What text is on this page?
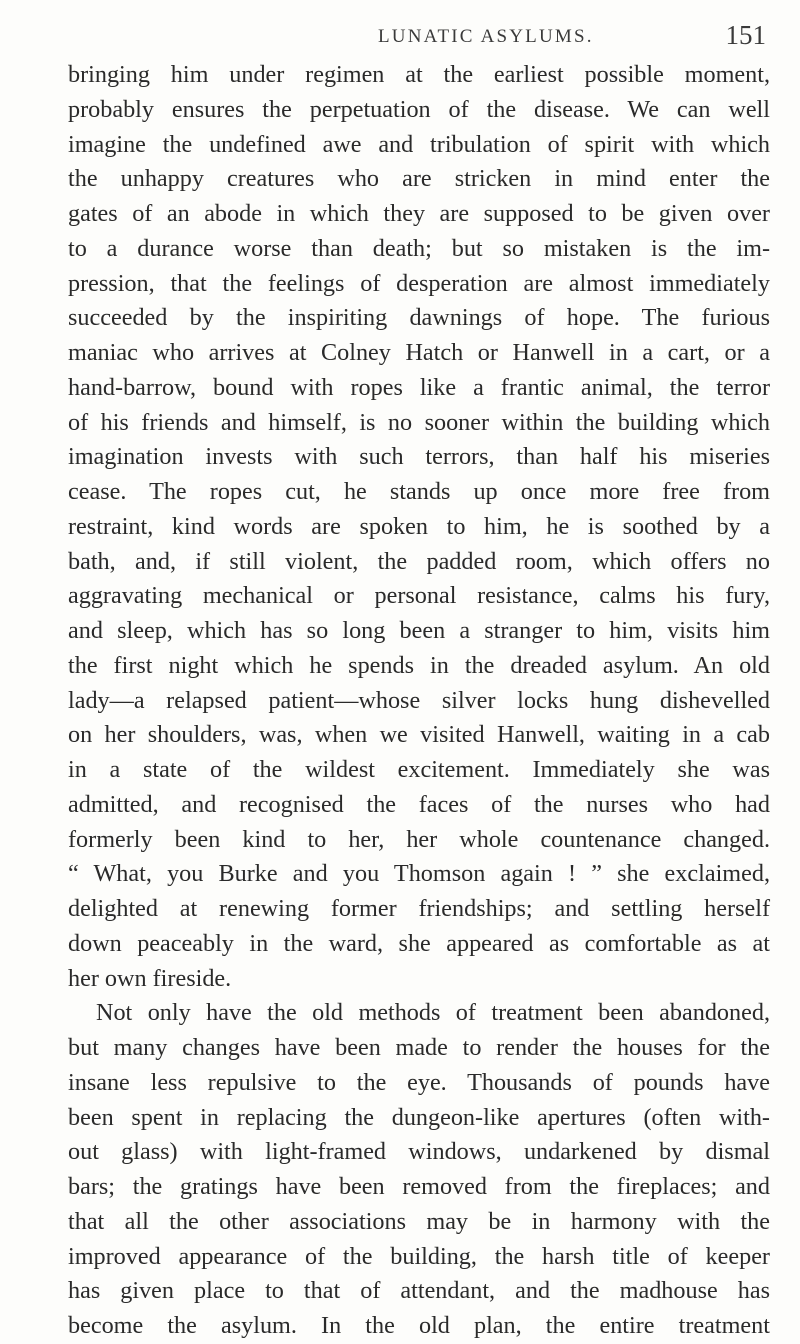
LUNATIC ASYLUMS.	151
bringing him under regimen at the earliest possible moment,
probably ensures the perpetuation of the disease. We can well
imagine the undefined awe and tribulation of spirit with which
the unhappy creatures who are stricken in mind enter the
gates of an abode in which they are supposed to be given over
to a durance worse than death; but so mistaken is the im-
pression, that the feelings of desperation are almost immediately
succeeded by the inspiriting dawnings of hope. The furious
maniac who arrives at Colney Hatch or Hanwell in a cart, or a
hand-barrow, bound with ropes like a frantic animal, the terror
of his friends and himself, is no sooner within the building which
imagination invests with such terrors, than half his miseries
cease. The ropes cut, he stands up once more free from
restraint, kind words are spoken to him, he is soothed by a
bath, and, if still violent, the padded room, which offers no
aggravating mechanical or personal resistance, calms his fury,
and sleep, which has so long been a stranger to him, visits him
the first night which he spends in the dreaded asylum. An old
lady—a relapsed patient—whose silver locks hung dishevelled
on her shoulders, was, when we visited Hanwell, waiting in a cab
in a state of the wildest excitement. Immediately she was
admitted, and recognised the faces of the nurses who had
formerly been kind to her, her whole countenance changed.
“ What, you Burke and you Thomson again ! ” she exclaimed,
delighted at renewing former friendships; and settling herself
down peaceably in the ward, she appeared as comfortable as at
her own fireside.
Not only have the old methods of treatment been abandoned,
but many changes have been made to render the houses for the
insane less repulsive to the eye. Thousands of pounds have
been spent in replacing the dungeon-like apertures (often with-
out glass) with light-framed windows, undarkened by dismal
bars; the gratings have been removed from the fireplaces; and
that all the other associations may be in harmony with the
improved appearance of the building, the harsh title of keeper
has given place to that of attendant, and the madhouse has
become the asylum. In the old plan, the entire treatment
